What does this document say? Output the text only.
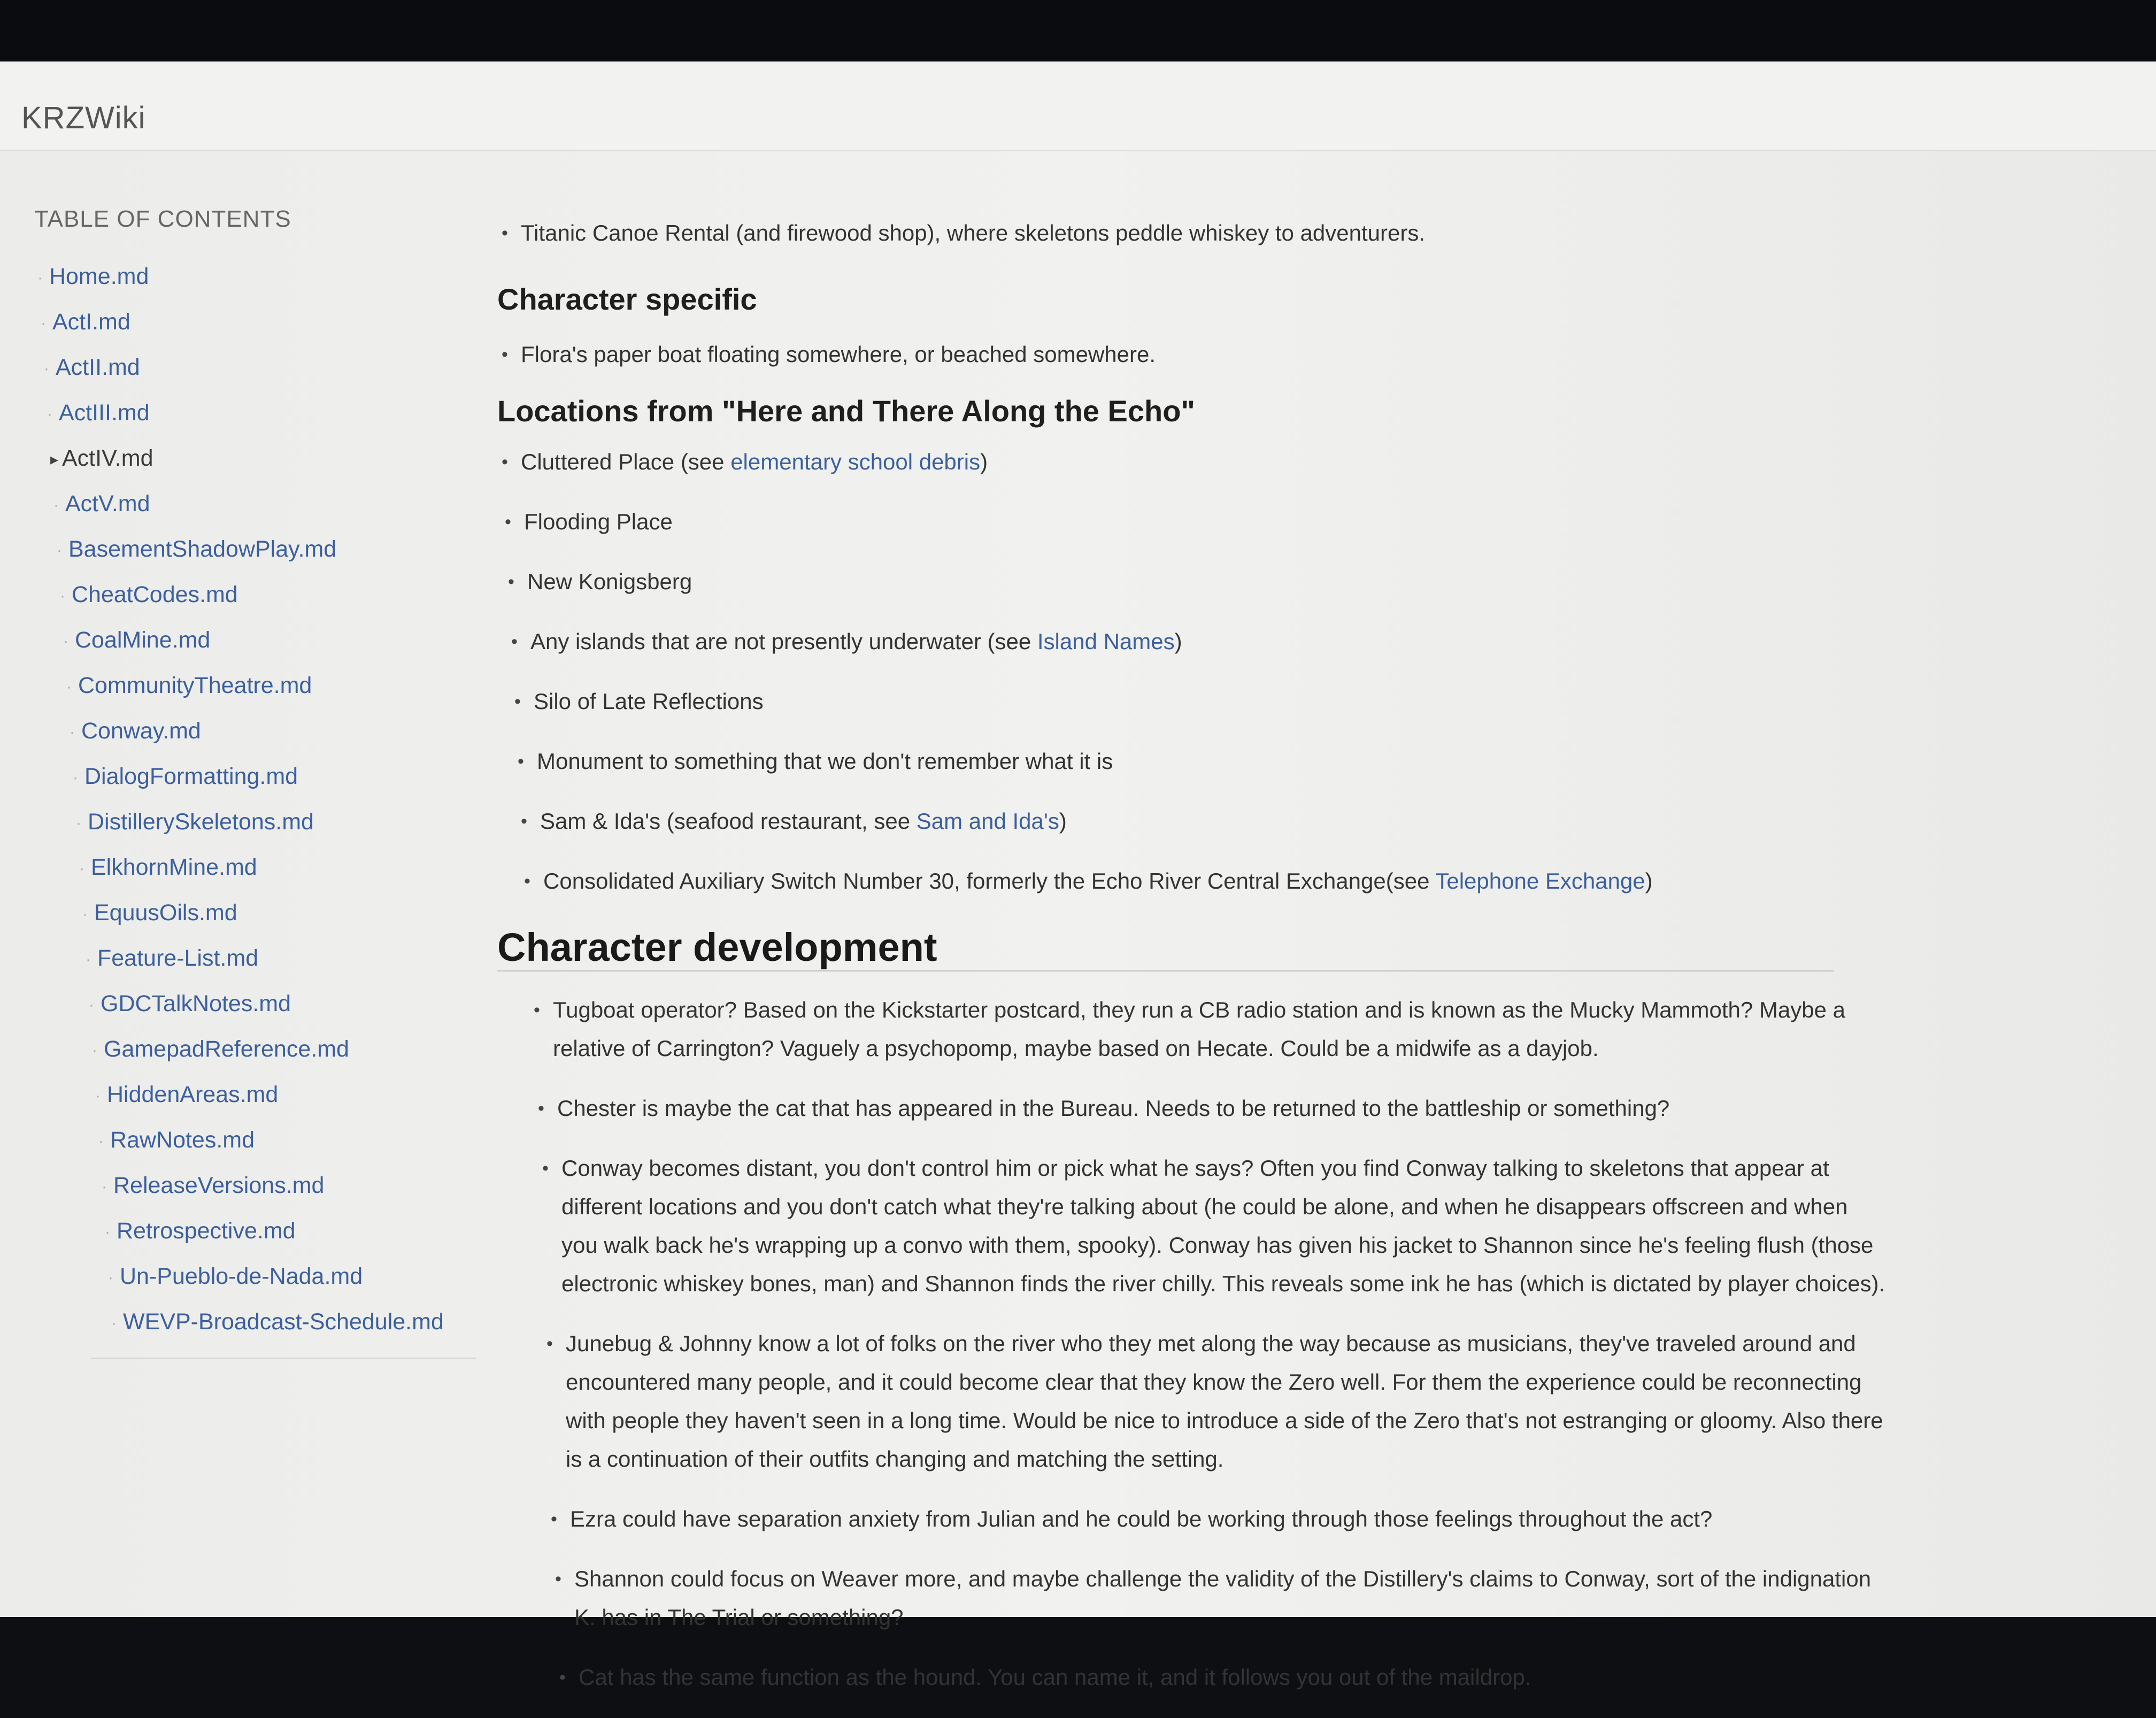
KRZWiki
TABLE OF CONTENTS
· Home.md
· ActI.md
· ActII.md
· ActIII.md
▸ ActIV.md
· ActV.md
· BasementShadowPlay.md
· CheatCodes.md
· CoalMine.md
· CommunityTheatre.md
· Conway.md
· DialogFormatting.md
· DistillerySkeletons.md
· ElkhornMine.md
· EquusOils.md
· Feature-List.md
· GDCTalkNotes.md
· GamepadReference.md
· HiddenAreas.md
· RawNotes.md
· ReleaseVersions.md
· Retrospective.md
· Un-Pueblo-de-Nada.md
· WEVP-Broadcast-Schedule.md
• Titanic Canoe Rental (and firewood shop), where skeletons peddle whiskey to adventurers.
Character specific
• Flora's paper boat floating somewhere, or beached somewhere.
Locations from "Here and There Along the Echo"
• Cluttered Place (see elementary school debris)
• Flooding Place
• New Konigsberg
• Any islands that are not presently underwater (see Island Names)
• Silo of Late Reflections
• Monument to something that we don't remember what it is
• Sam & Ida's (seafood restaurant, see Sam and Ida's)
• Consolidated Auxiliary Switch Number 30, formerly the Echo River Central Exchange(see Telephone Exchange)
Character development
• Tugboat operator? Based on the Kickstarter postcard, they run a CB radio station and is known as the Mucky Mammoth? Maybe a relative of Carrington? Vaguely a psychopomp, maybe based on Hecate. Could be a midwife as a dayjob.
• Chester is maybe the cat that has appeared in the Bureau. Needs to be returned to the battleship or something?
• Conway becomes distant, you don't control him or pick what he says? Often you find Conway talking to skeletons that appear at different locations and you don't catch what they're talking about (he could be alone, and when he disappears offscreen and when you walk back he's wrapping up a convo with them, spooky). Conway has given his jacket to Shannon since he's feeling flush (those electronic whiskey bones, man) and Shannon finds the river chilly. This reveals some ink he has (which is dictated by player choices).
• Junebug & Johnny know a lot of folks on the river who they met along the way because as musicians, they've traveled around and encountered many people, and it could become clear that they know the Zero well. For them the experience could be reconnecting with people they haven't seen in a long time. Would be nice to introduce a side of the Zero that's not estranging or gloomy. Also there is a continuation of their outfits changing and matching the setting.
• Ezra could have separation anxiety from Julian and he could be working through those feelings throughout the act?
• Shannon could focus on Weaver more, and maybe challenge the validity of the Distillery's claims to Conway, sort of the indignation K. has in The Trial or something?
• Cat has the same function as the hound. You can name it, and it follows you out of the maildrop.
